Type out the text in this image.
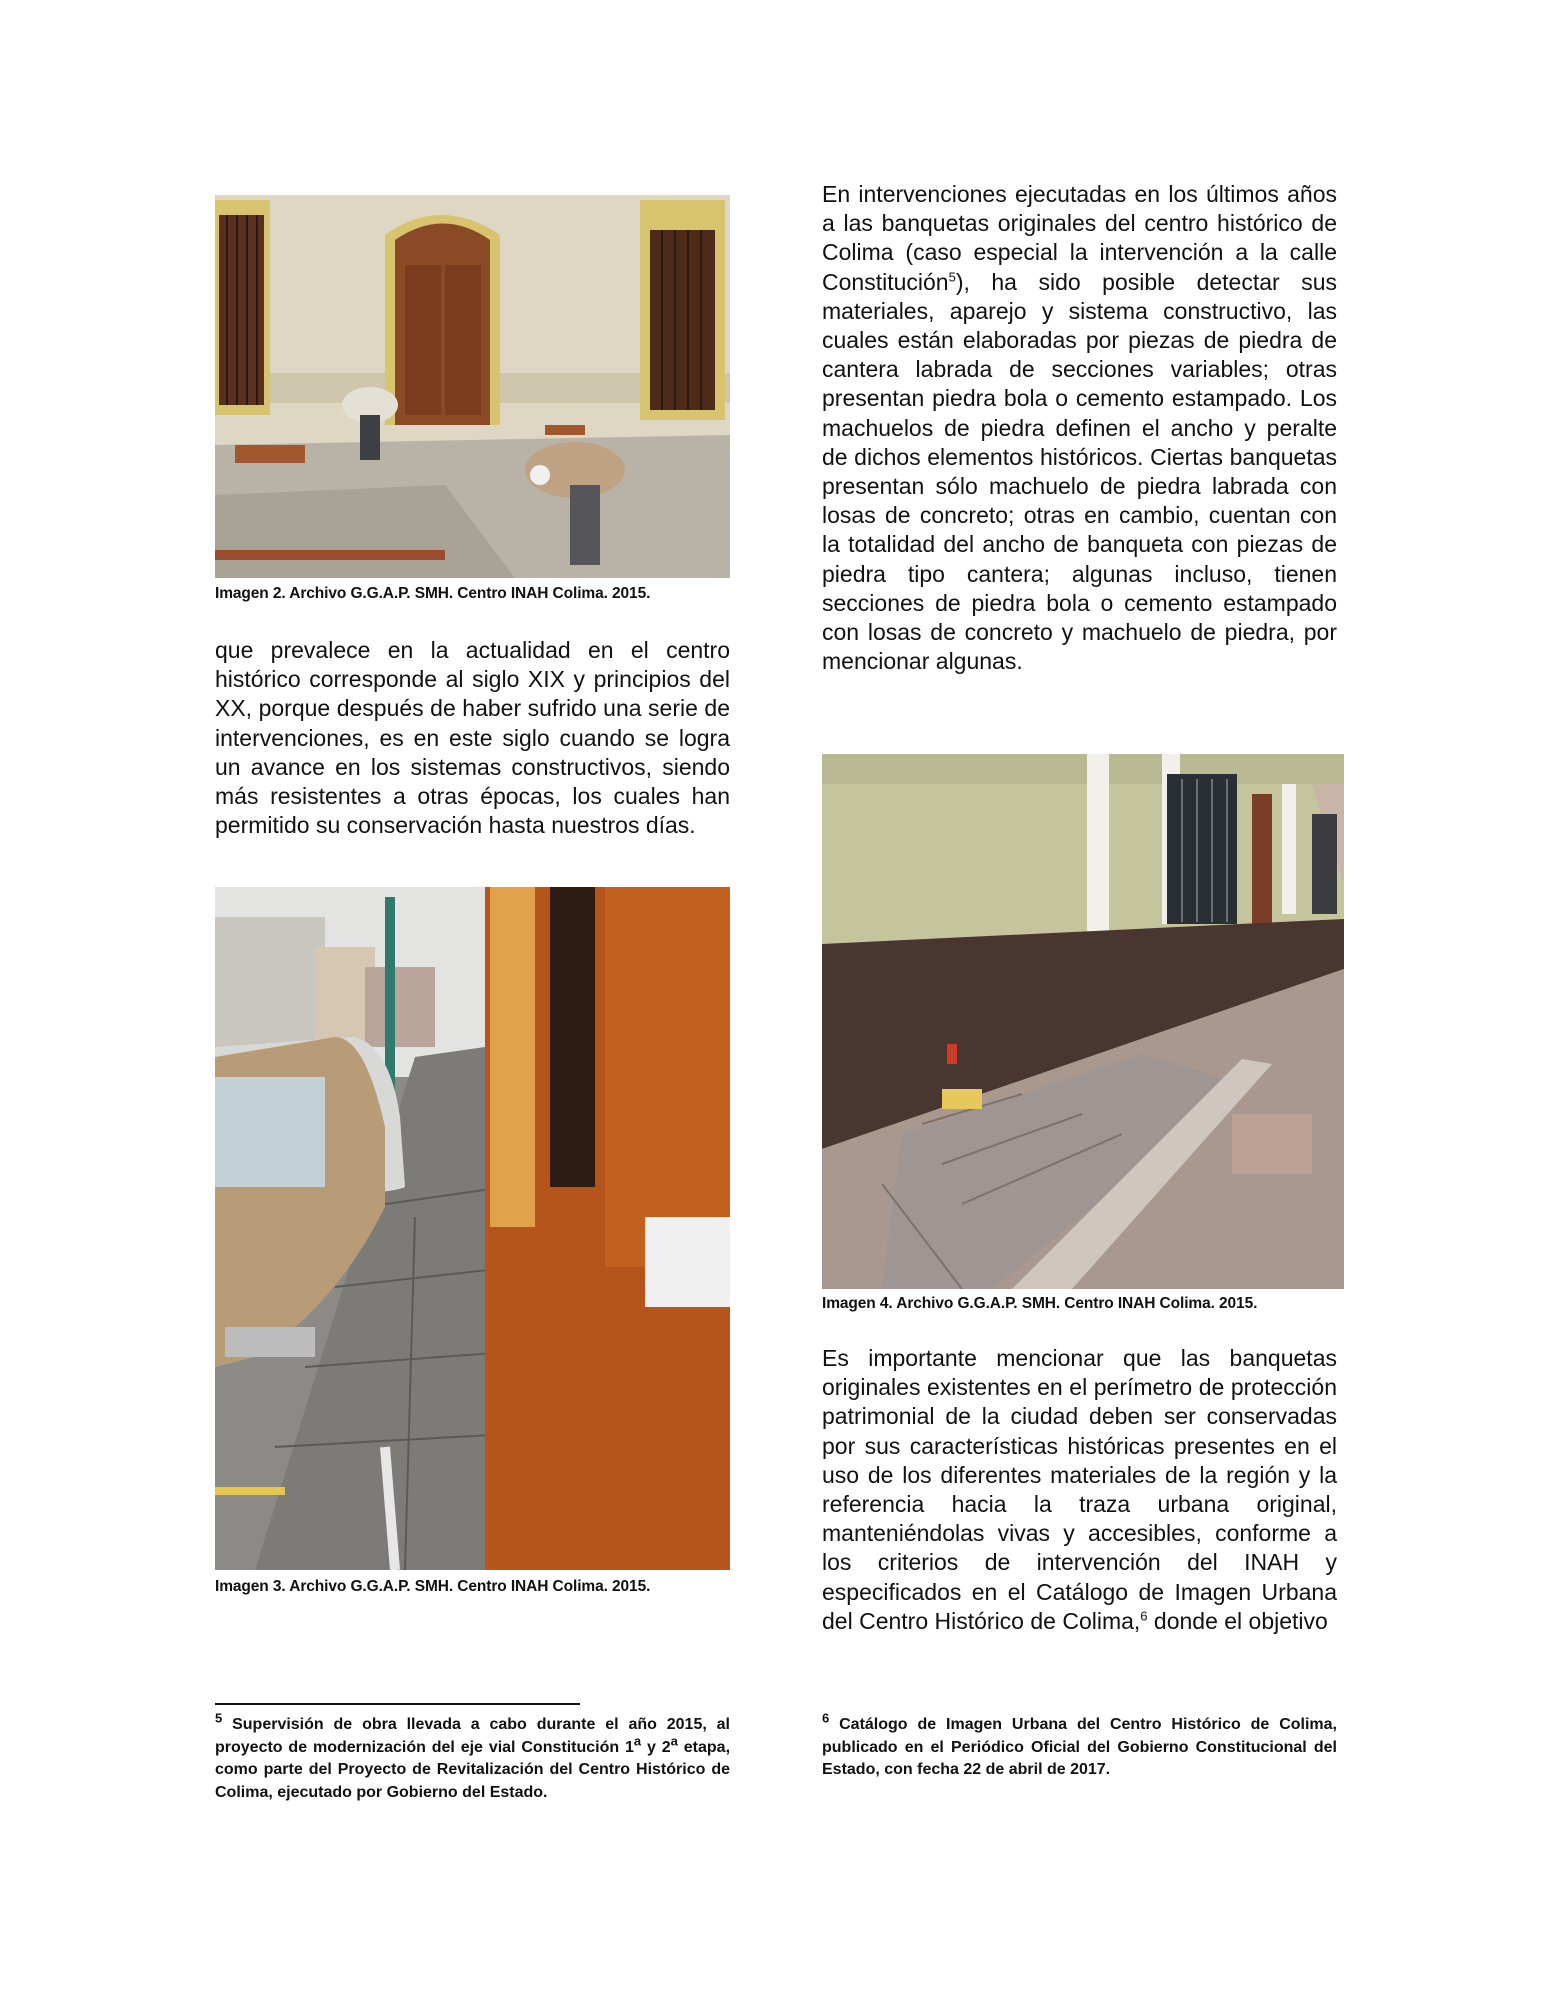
Imagen 2. Archivo G.G.A.P. SMH. Centro INAH Colima. 2015.

que prevalece en la actualidad en el centro histórico corresponde al siglo XIX y principios del XX, porque después de haber sufrido una serie de intervenciones, es en este siglo cuando se logra un avance en los sistemas constructivos, siendo más resistentes a otras épocas, los cuales han permitido su conservación hasta nuestros días.

Imagen 3. Archivo G.G.A.P. SMH. Centro INAH Colima. 2015.

En intervenciones ejecutadas en los últimos años a las banquetas originales del centro histórico de Colima (caso especial la intervención a la calle Constitución$^5$), ha sido posible detectar sus materiales, aparejo y sistema constructivo, las cuales están elaboradas por piezas de piedra de cantera labrada de secciones variables; otras presentan piedra bola o cemento estampado. Los machuelos de piedra definen el ancho y peralte de dichos elementos históricos. Ciertas banquetas presentan sólo machuelo de piedra labrada con losas de concreto; otras en cambio, cuentan con la totalidad del ancho de banqueta con piezas de piedra tipo cantera; algunas incluso, tienen secciones de piedra bola o cemento estampado con losas de concreto y machuelo de piedra, por mencionar algunas.

Imagen 4. Archivo G.G.A.P. SMH. Centro INAH Colima. 2015.

Es importante mencionar que las banquetas originales existentes en el perímetro de protección patrimonial de la ciudad deben ser conservadas por sus características históricas presentes en el uso de los diferentes materiales de la región y la referencia hacia la traza urbana original, manteniéndolas vivas y accesibles, conforme a los criterios de intervención del INAH y especificados en el Catálogo de Imagen Urbana del Centro Histórico de Colima,$^6$ donde el objetivo

$^5$ Supervisión de obra llevada a cabo durante el año 2015, al proyecto de modernización del eje vial Constitución 1$^a$ y 2$^a$ etapa, como parte del Proyecto de Revitalización del Centro Histórico de Colima, ejecutado por Gobierno del Estado.

$^6$ Catálogo de Imagen Urbana del Centro Histórico de Colima, publicado en el Periódico Oficial del Gobierno Constitucional del Estado, con fecha 22 de abril de 2017.
